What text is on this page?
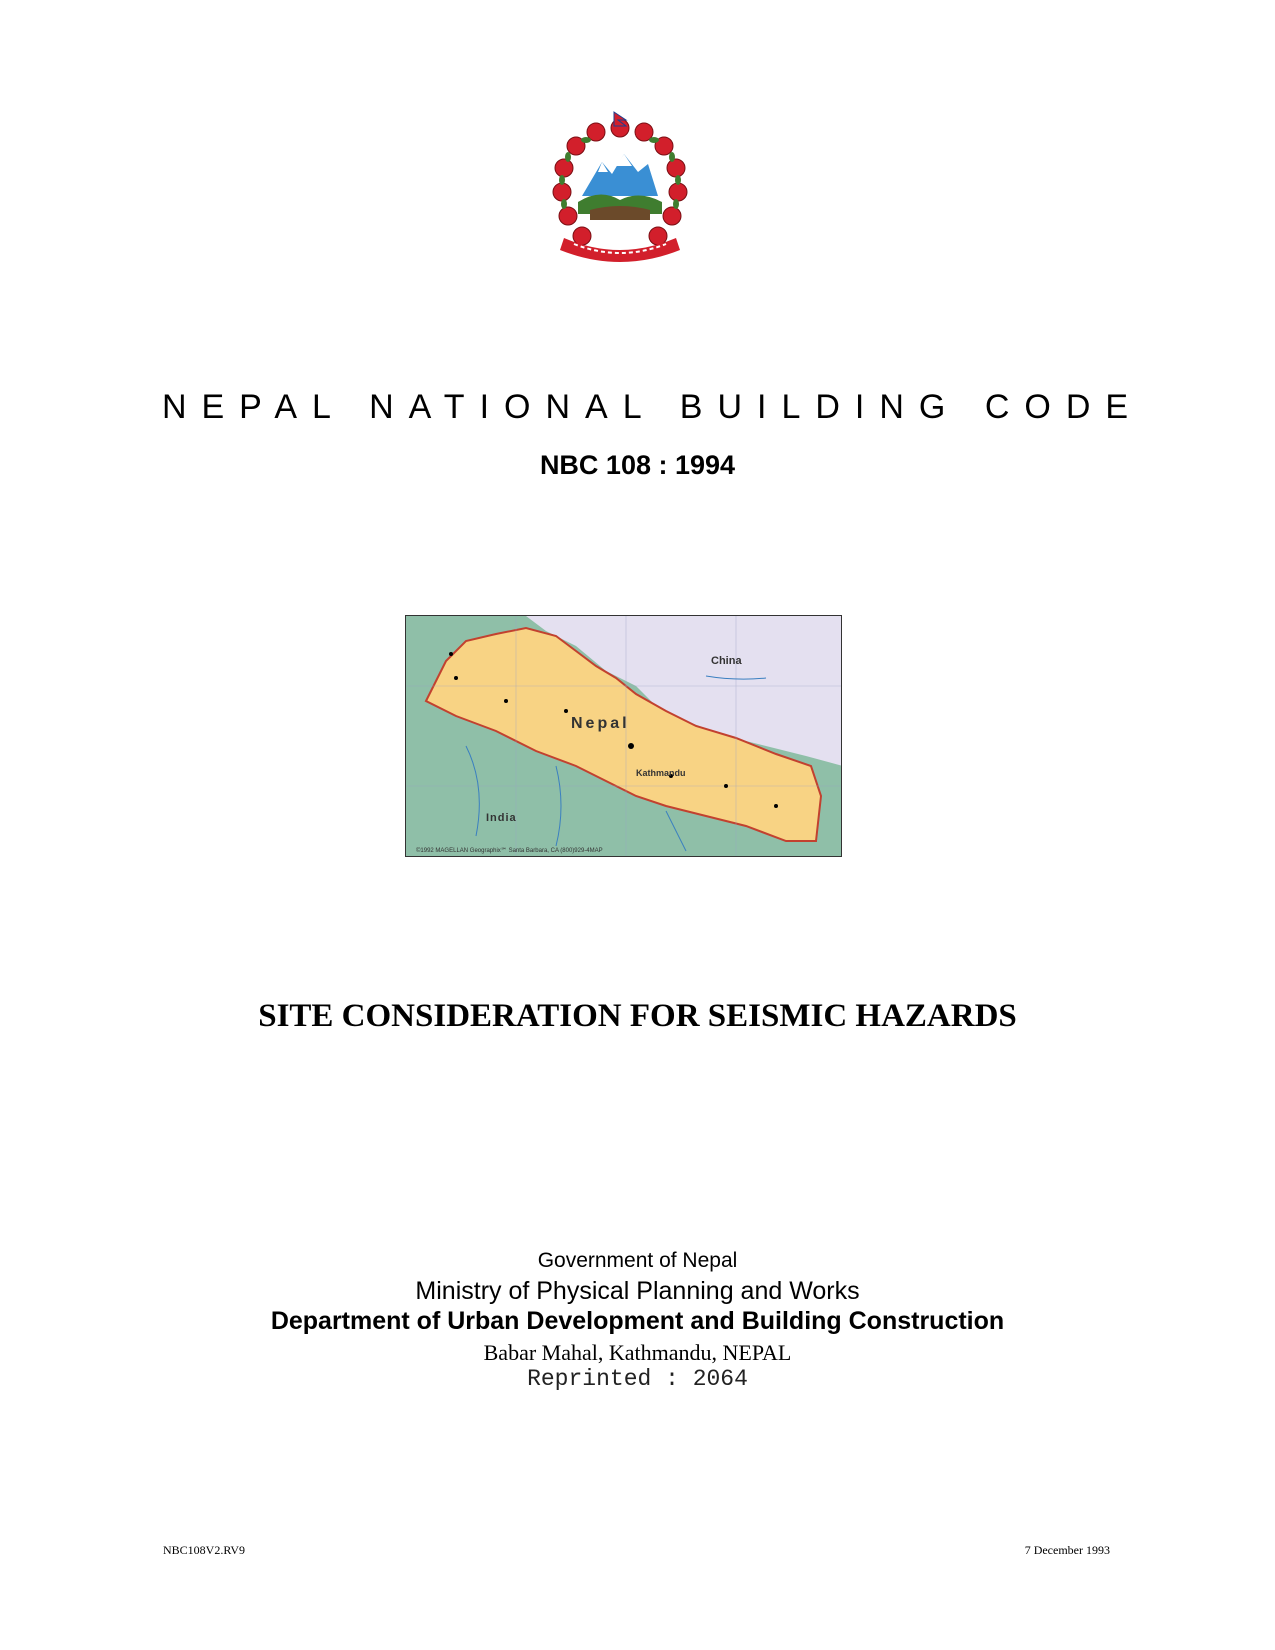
NEPAL NATIONAL BUILDING CODE
NBC 108 : 1994
China
Nepal
Kathmandu
India
©1992 MAGELLAN Geographix℠ Santa Barbara, CA (800)929-4MAP
SITE CONSIDERATION FOR SEISMIC HAZARDS
Government of Nepal
Ministry of Physical Planning and Works
Department of Urban Development and Building Construction
Babar Mahal, Kathmandu, NEPAL
Reprinted : 2064
NBC108V2.RV9	7 December 1993
